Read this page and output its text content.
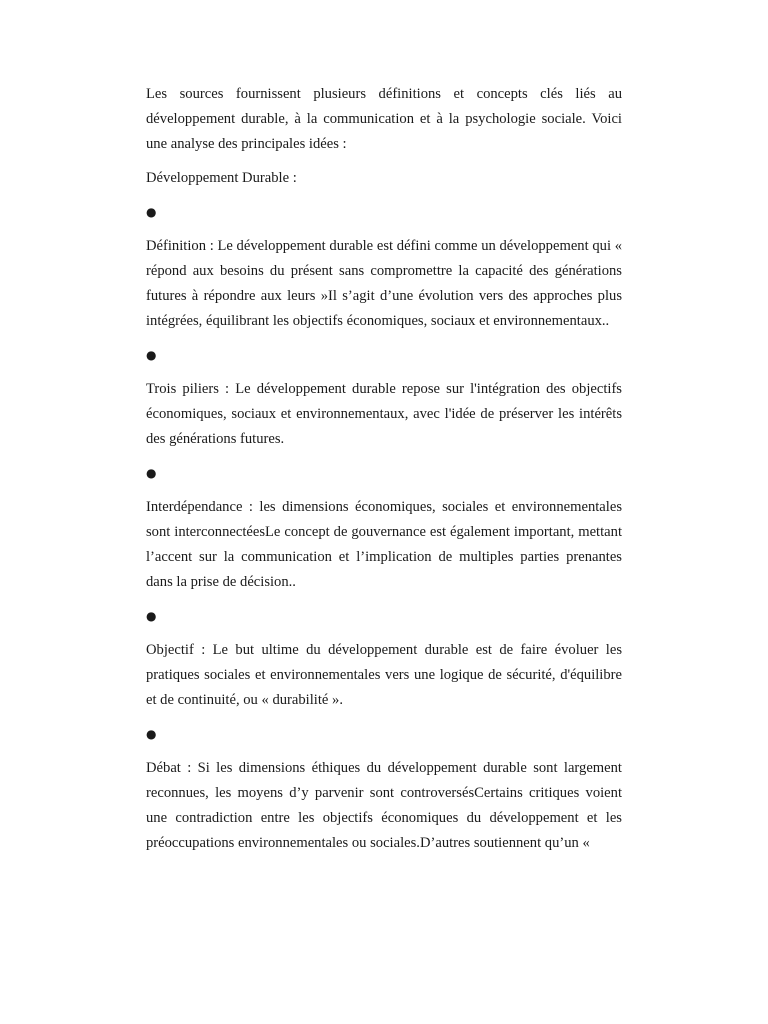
Les sources fournissent plusieurs définitions et concepts clés liés au développement durable, à la communication et à la psychologie sociale. Voici une analyse des principales idées :

Développement Durable :

●

Définition : Le développement durable est défini comme un développement qui « répond aux besoins du présent sans compromettre la capacité des générations futures à répondre aux leurs »Il s’agit d’une évolution vers des approches plus intégrées, équilibrant les objectifs économiques, sociaux et environnementaux..

●

Trois piliers : Le développement durable repose sur l'intégration des objectifs économiques, sociaux et environnementaux, avec l'idée de préserver les intérêts des générations futures.

●

Interdépendance : les dimensions économiques, sociales et environnementales sont interconnectéesLe concept de gouvernance est également important, mettant l’accent sur la communication et l’implication de multiples parties prenantes dans la prise de décision..

●

Objectif : Le but ultime du développement durable est de faire évoluer les pratiques sociales et environnementales vers une logique de sécurité, d'équilibre et de continuité, ou « durabilité ».

●

Débat : Si les dimensions éthiques du développement durable sont largement reconnues, les moyens d’y parvenir sont controversésCertains critiques voient une contradiction entre les objectifs économiques du développement et les préoccupations environnementales ou sociales.D’autres soutiennent qu’un «
